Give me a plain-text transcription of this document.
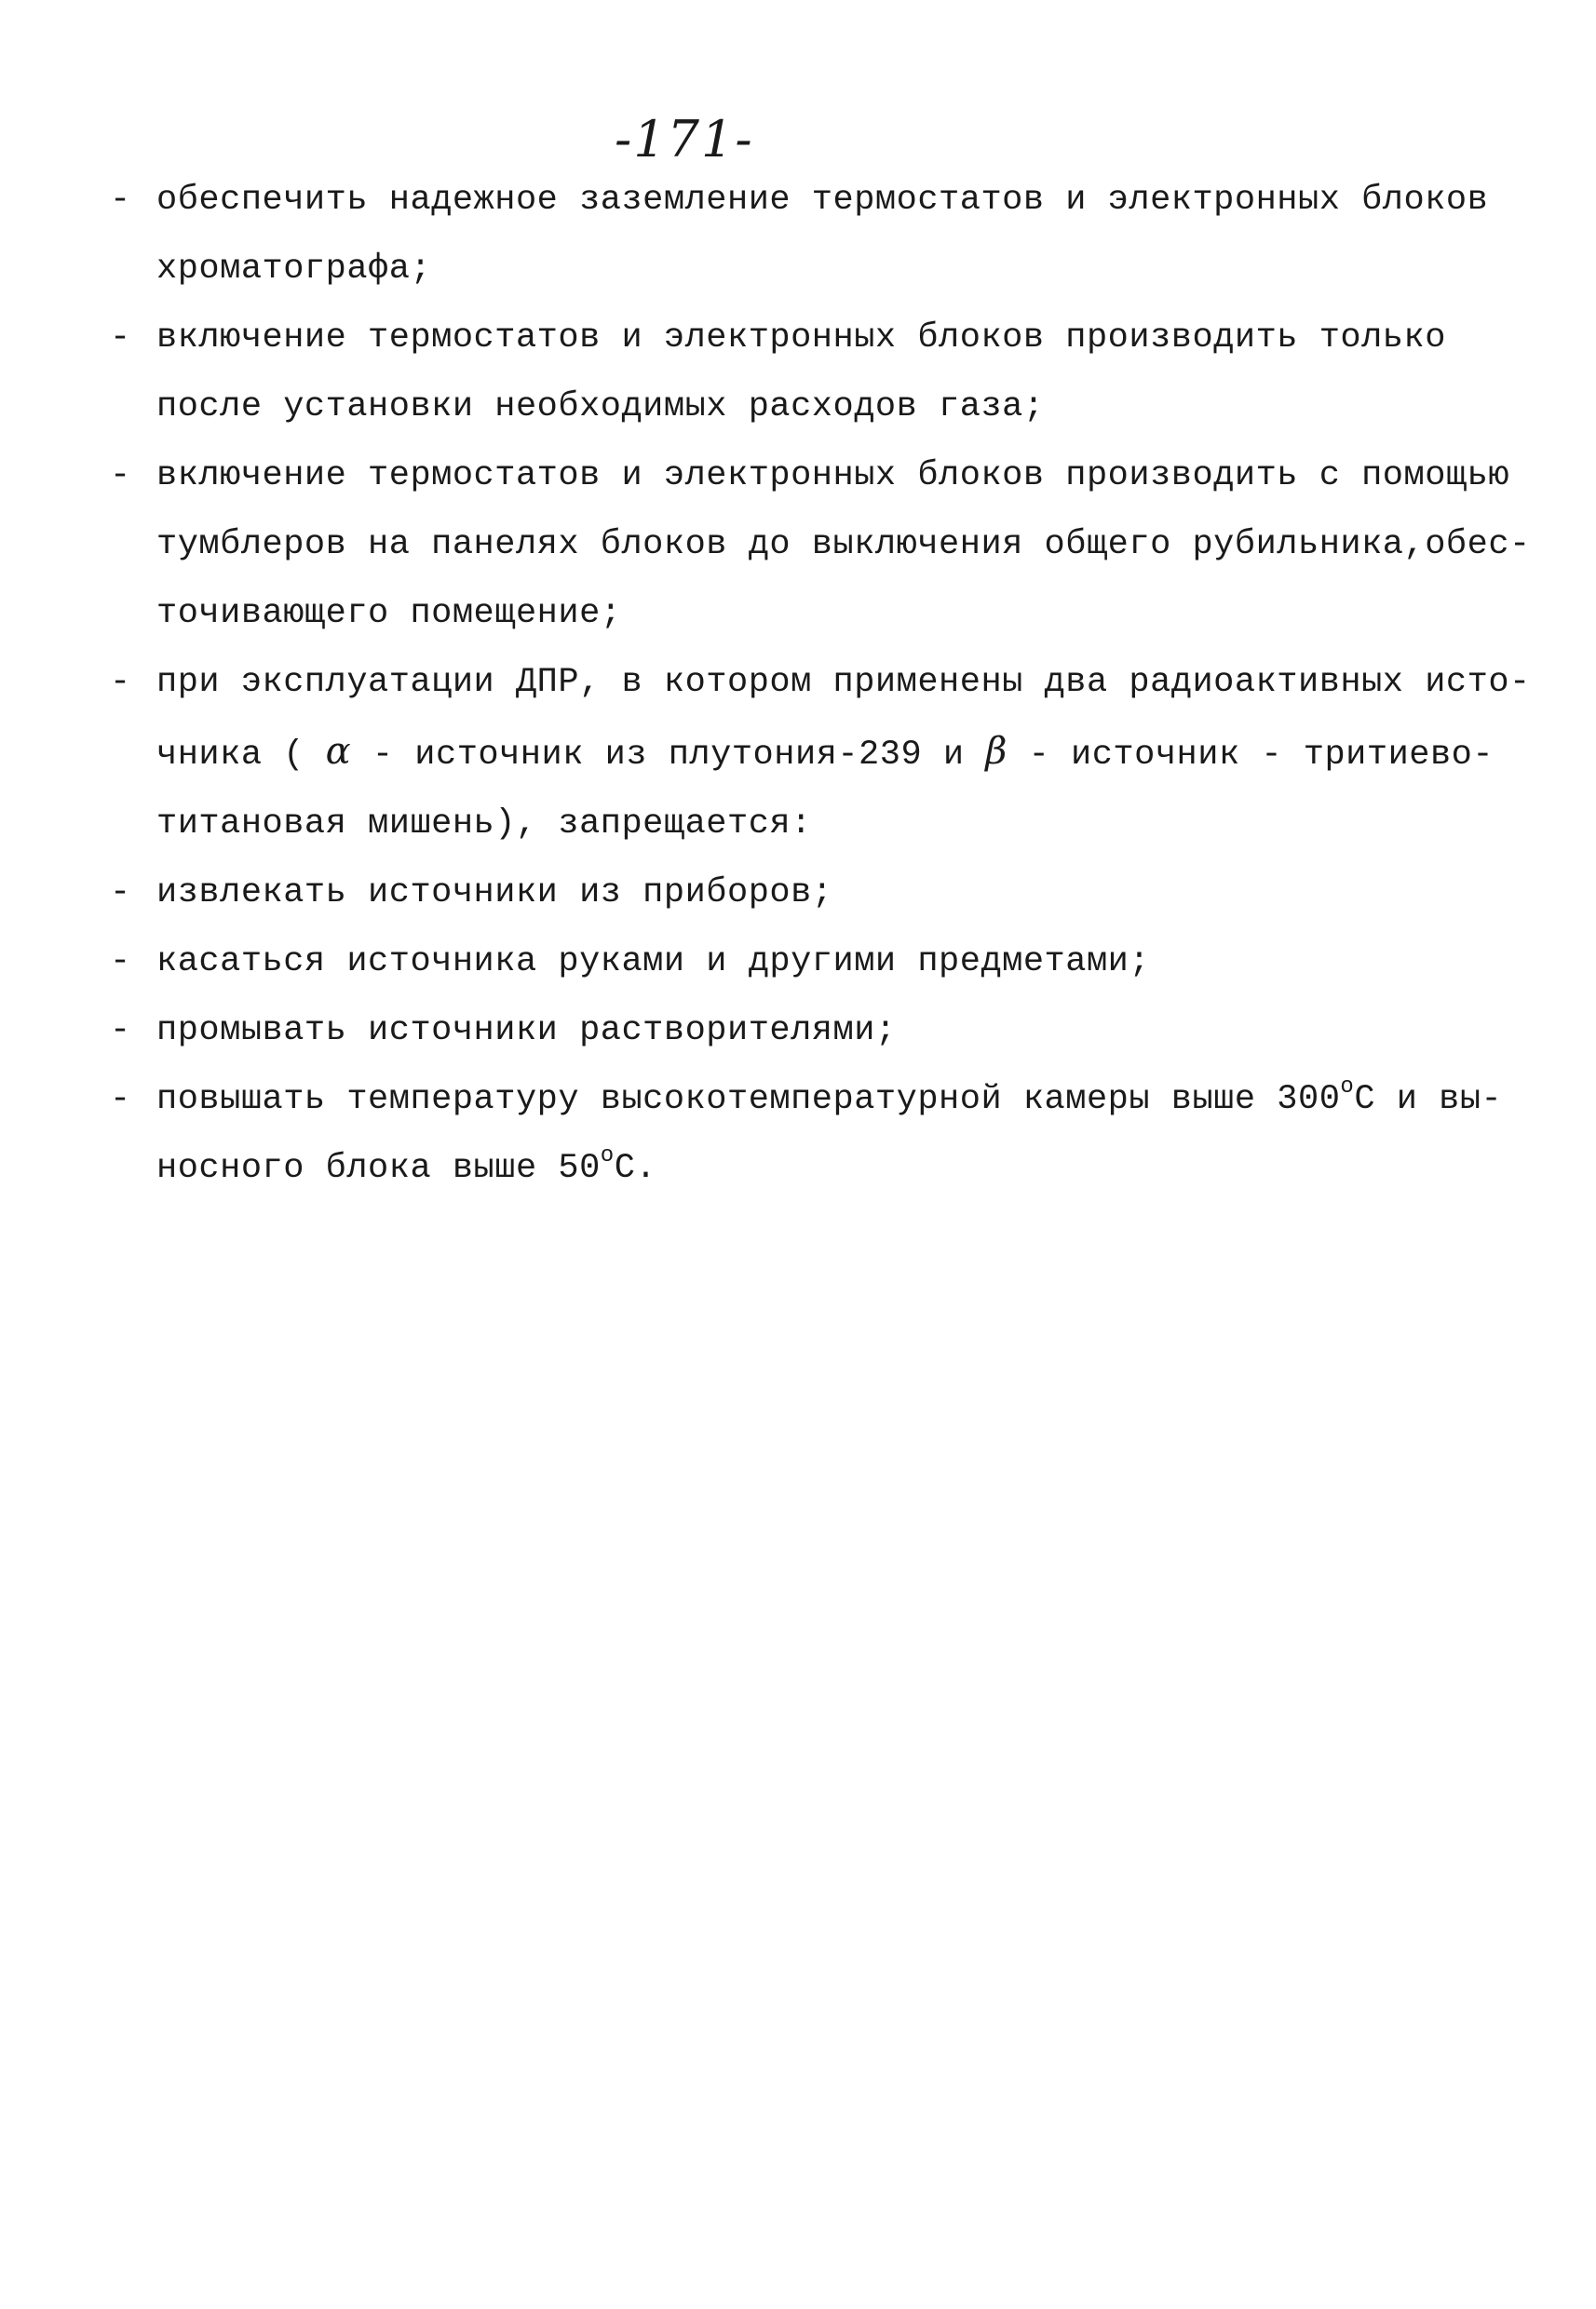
-171-
- обеспечить надежное заземление термостатов и электронных блоков
хроматографа;
- включение термостатов и электронных блоков производить только
после установки необходимых расходов газа;
- включение термостатов и электронных блоков производить с помощью
тумблеров на панелях блоков до выключения общего рубильника,обес-
точивающего помещение;
- при эксплуатации ДПР, в котором применены два радиоактивных исто-
чника ( α - источник из плутония-239 и β - источник - тритиево-
титановая мишень), запрещается:
- извлекать источники из приборов;
- касаться источника руками и другими предметами;
- промывать источники растворителями;
- повышать температуру высокотемпературной камеры выше $300^оС$ и вы-
носного блока выше $50^оС$.
